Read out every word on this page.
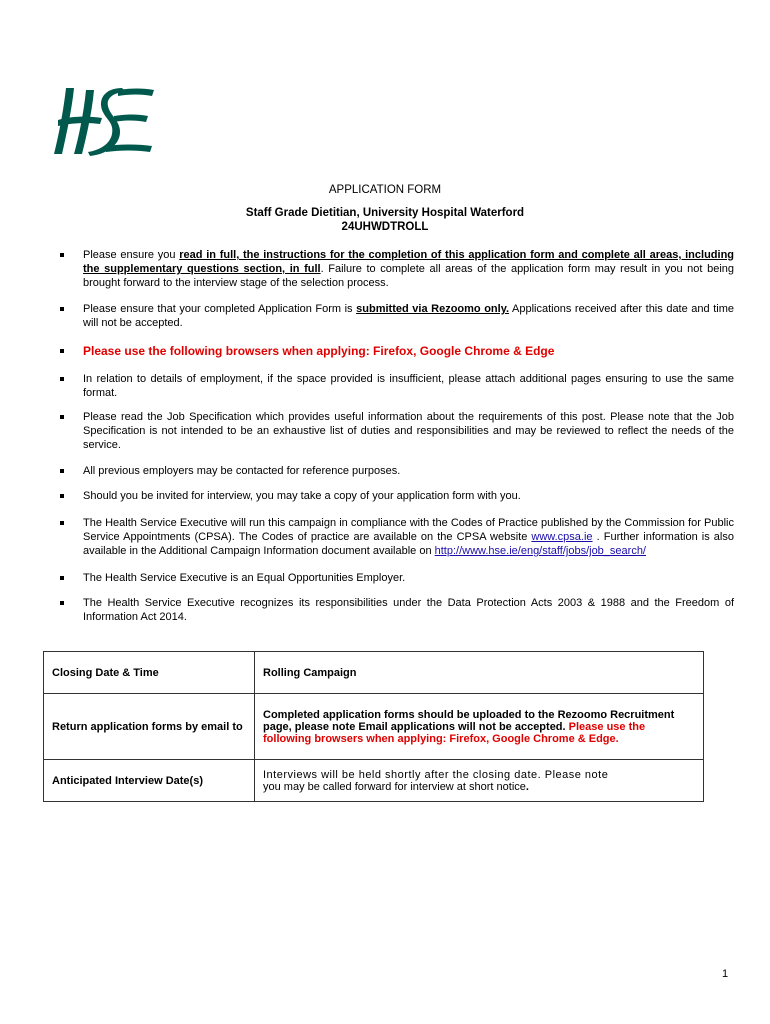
APPLICATION FORM
Staff Grade Dietitian, University Hospital Waterford
24UHWDTROLL

Please ensure you read in full, the instructions for the completion of this application form and complete all areas, including the supplementary questions section, in full. Failure to complete all areas of the application form may result in you not being brought forward to the interview stage of the selection process.

Please ensure that your completed Application Form is submitted via Rezoomo only. Applications received after this date and time will not be accepted.

Please use the following browsers when applying: Firefox, Google Chrome & Edge

In relation to details of employment, if the space provided is insufficient, please attach additional pages ensuring to use the same format.

Please read the Job Specification which provides useful information about the requirements of this post. Please note that the Job Specification is not intended to be an exhaustive list of duties and responsibilities and may be reviewed to reflect the needs of the service.

All previous employers may be contacted for reference purposes.

Should you be invited for interview, you may take a copy of your application form with you.

The Health Service Executive will run this campaign in compliance with the Codes of Practice published by the Commission for Public Service Appointments (CPSA). The Codes of practice are available on the CPSA website www.cpsa.ie . Further information is also available in the Additional Campaign Information document available on http://www.hse.ie/eng/staff/jobs/job_search/

The Health Service Executive is an Equal Opportunities Employer.

The Health Service Executive recognizes its responsibilities under the Data Protection Acts 2003 & 1988 and the Freedom of Information Act 2014.

Closing Date & Time	Rolling Campaign
Return application forms by email to	Completed application forms should be uploaded to the Rezoomo Recruitment page, please note Email applications will not be accepted. Please use the following browsers when applying: Firefox, Google Chrome & Edge.
Anticipated Interview Date(s)	Interviews will be held shortly after the closing date. Please note
you may be called forward for interview at short notice.
1
